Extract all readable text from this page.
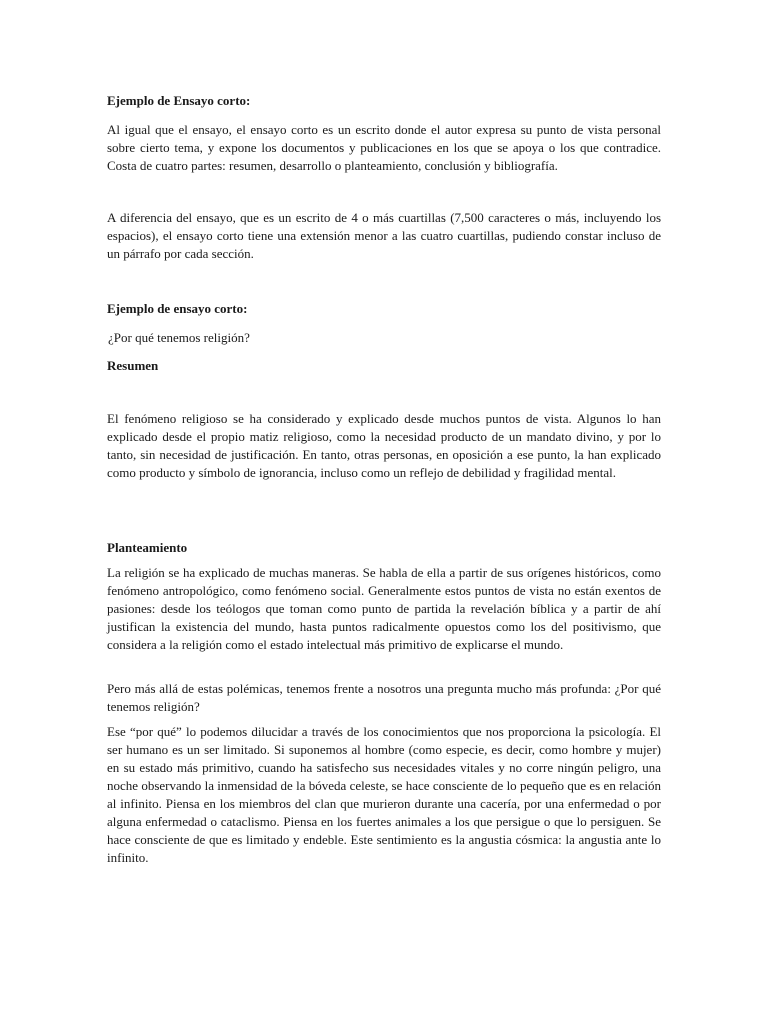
Ejemplo de Ensayo corto:

Al igual que el ensayo, el ensayo corto es un escrito donde el autor expresa su punto de vista personal sobre cierto tema, y expone los documentos y publicaciones en los que se apoya o los que contradice. Costa de cuatro partes: resumen, desarrollo o planteamiento, conclusión y bibliografía.

A diferencia del ensayo, que es un escrito de 4 o más cuartillas (7,500 caracteres o más, incluyendo los espacios), el ensayo corto tiene una extensión menor a las cuatro cuartillas, pudiendo constar incluso de un párrafo por cada sección.

Ejemplo de ensayo corto:

¿Por qué tenemos religión?

Resumen

El fenómeno religioso se ha considerado y explicado desde muchos puntos de vista. Algunos lo han explicado desde el propio matiz religioso, como la necesidad producto de un mandato divino, y por lo tanto, sin necesidad de justificación. En tanto, otras personas, en oposición a ese punto, la han explicado como producto y símbolo de ignorancia, incluso como un reflejo de debilidad y fragilidad mental.

Planteamiento

La religión se ha explicado de muchas maneras. Se habla de ella a partir de sus orígenes históricos, como fenómeno antropológico, como fenómeno social. Generalmente estos puntos de vista no están exentos de pasiones: desde los teólogos que toman como punto de partida la revelación bíblica y a partir de ahí justifican la existencia del mundo, hasta puntos radicalmente opuestos como los del positivismo, que considera a la religión como el estado intelectual más primitivo de explicarse el mundo.

Pero más allá de estas polémicas, tenemos frente a nosotros una pregunta mucho más profunda: ¿Por qué tenemos religión?

Ese “por qué” lo podemos dilucidar a través de los conocimientos que nos proporciona la psicología. El ser humano es un ser limitado. Si suponemos al hombre (como especie, es decir, como hombre y mujer) en su estado más primitivo, cuando ha satisfecho sus necesidades vitales y no corre ningún peligro, una noche observando la inmensidad de la bóveda celeste, se hace consciente de lo pequeño que es en relación al infinito. Piensa en los miembros del clan que murieron durante una cacería, por una enfermedad o por alguna enfermedad o cataclismo. Piensa en los fuertes animales a los que persigue o que lo persiguen. Se hace consciente de que es limitado y endeble. Este sentimiento es la angustia cósmica: la angustia ante lo infinito.
